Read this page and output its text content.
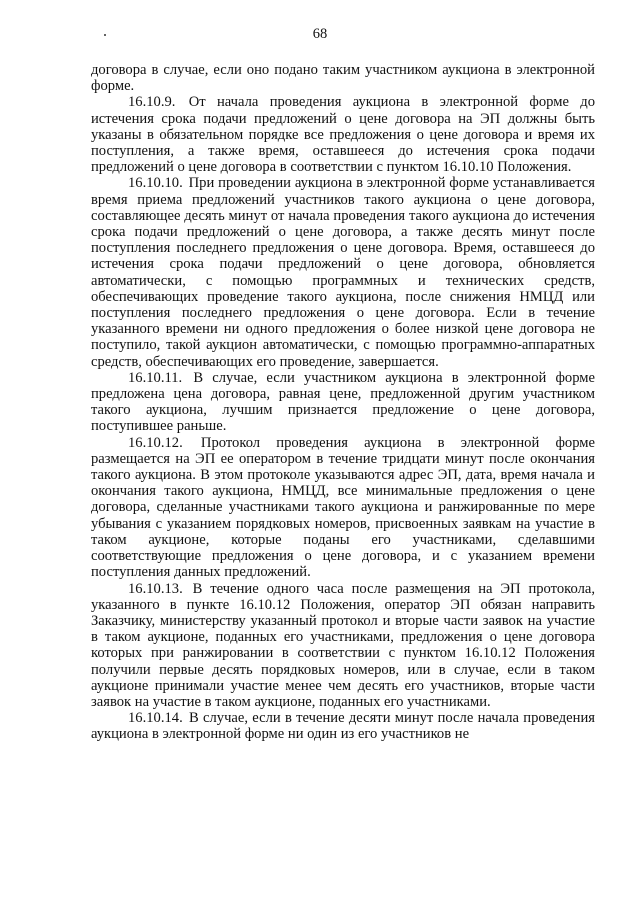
68

договора в случае, если оно подано таким участником аукциона в электронной форме.

16.10.9. От начала проведения аукциона в электронной форме до истечения срока подачи предложений о цене договора на ЭП должны быть указаны в обязательном порядке все предложения о цене договора и время их поступления, а также время, оставшееся до истечения срока подачи предложений о цене договора в соответствии с пунктом 16.10.10 Положения.

16.10.10. При проведении аукциона в электронной форме устанавливается время приема предложений участников такого аукциона о цене договора, составляющее десять минут от начала проведения такого аукциона до истечения срока подачи предложений о цене договора, а также десять минут после поступления последнего предложения о цене договора. Время, оставшееся до истечения срока подачи предложений о цене договора, обновляется автоматически, с помощью программных и технических средств, обеспечивающих проведение такого аукциона, после снижения НМЦД или поступления последнего предложения о цене договора. Если в течение указанного времени ни одного предложения о более низкой цене договора не поступило, такой аукцион автоматически, с помощью программно-аппаратных средств, обеспечивающих его проведение, завершается.

16.10.11. В случае, если участником аукциона в электронной форме предложена цена договора, равная цене, предложенной другим участником такого аукциона, лучшим признается предложение о цене договора, поступившее раньше.

16.10.12. Протокол проведения аукциона в электронной форме размещается на ЭП ее оператором в течение тридцати минут после окончания такого аукциона. В этом протоколе указываются адрес ЭП, дата, время начала и окончания такого аукциона, НМЦД, все минимальные предложения о цене договора, сделанные участниками такого аукциона и ранжированные по мере убывания с указанием порядковых номеров, присвоенных заявкам на участие в таком аукционе, которые поданы его участниками, сделавшими соответствующие предложения о цене договора, и с указанием времени поступления данных предложений.

16.10.13. В течение одного часа после размещения на ЭП протокола, указанного в пункте 16.10.12 Положения, оператор ЭП обязан направить Заказчику, министерству указанный протокол и вторые части заявок на участие в таком аукционе, поданных его участниками, предложения о цене договора которых при ранжировании в соответствии с пунктом 16.10.12 Положения получили первые десять порядковых номеров, или в случае, если в таком аукционе принимали участие менее чем десять его участников, вторые части заявок на участие в таком аукционе, поданных его участниками.

16.10.14. В случае, если в течение десяти минут после начала проведения аукциона в электронной форме ни один из его участников не
